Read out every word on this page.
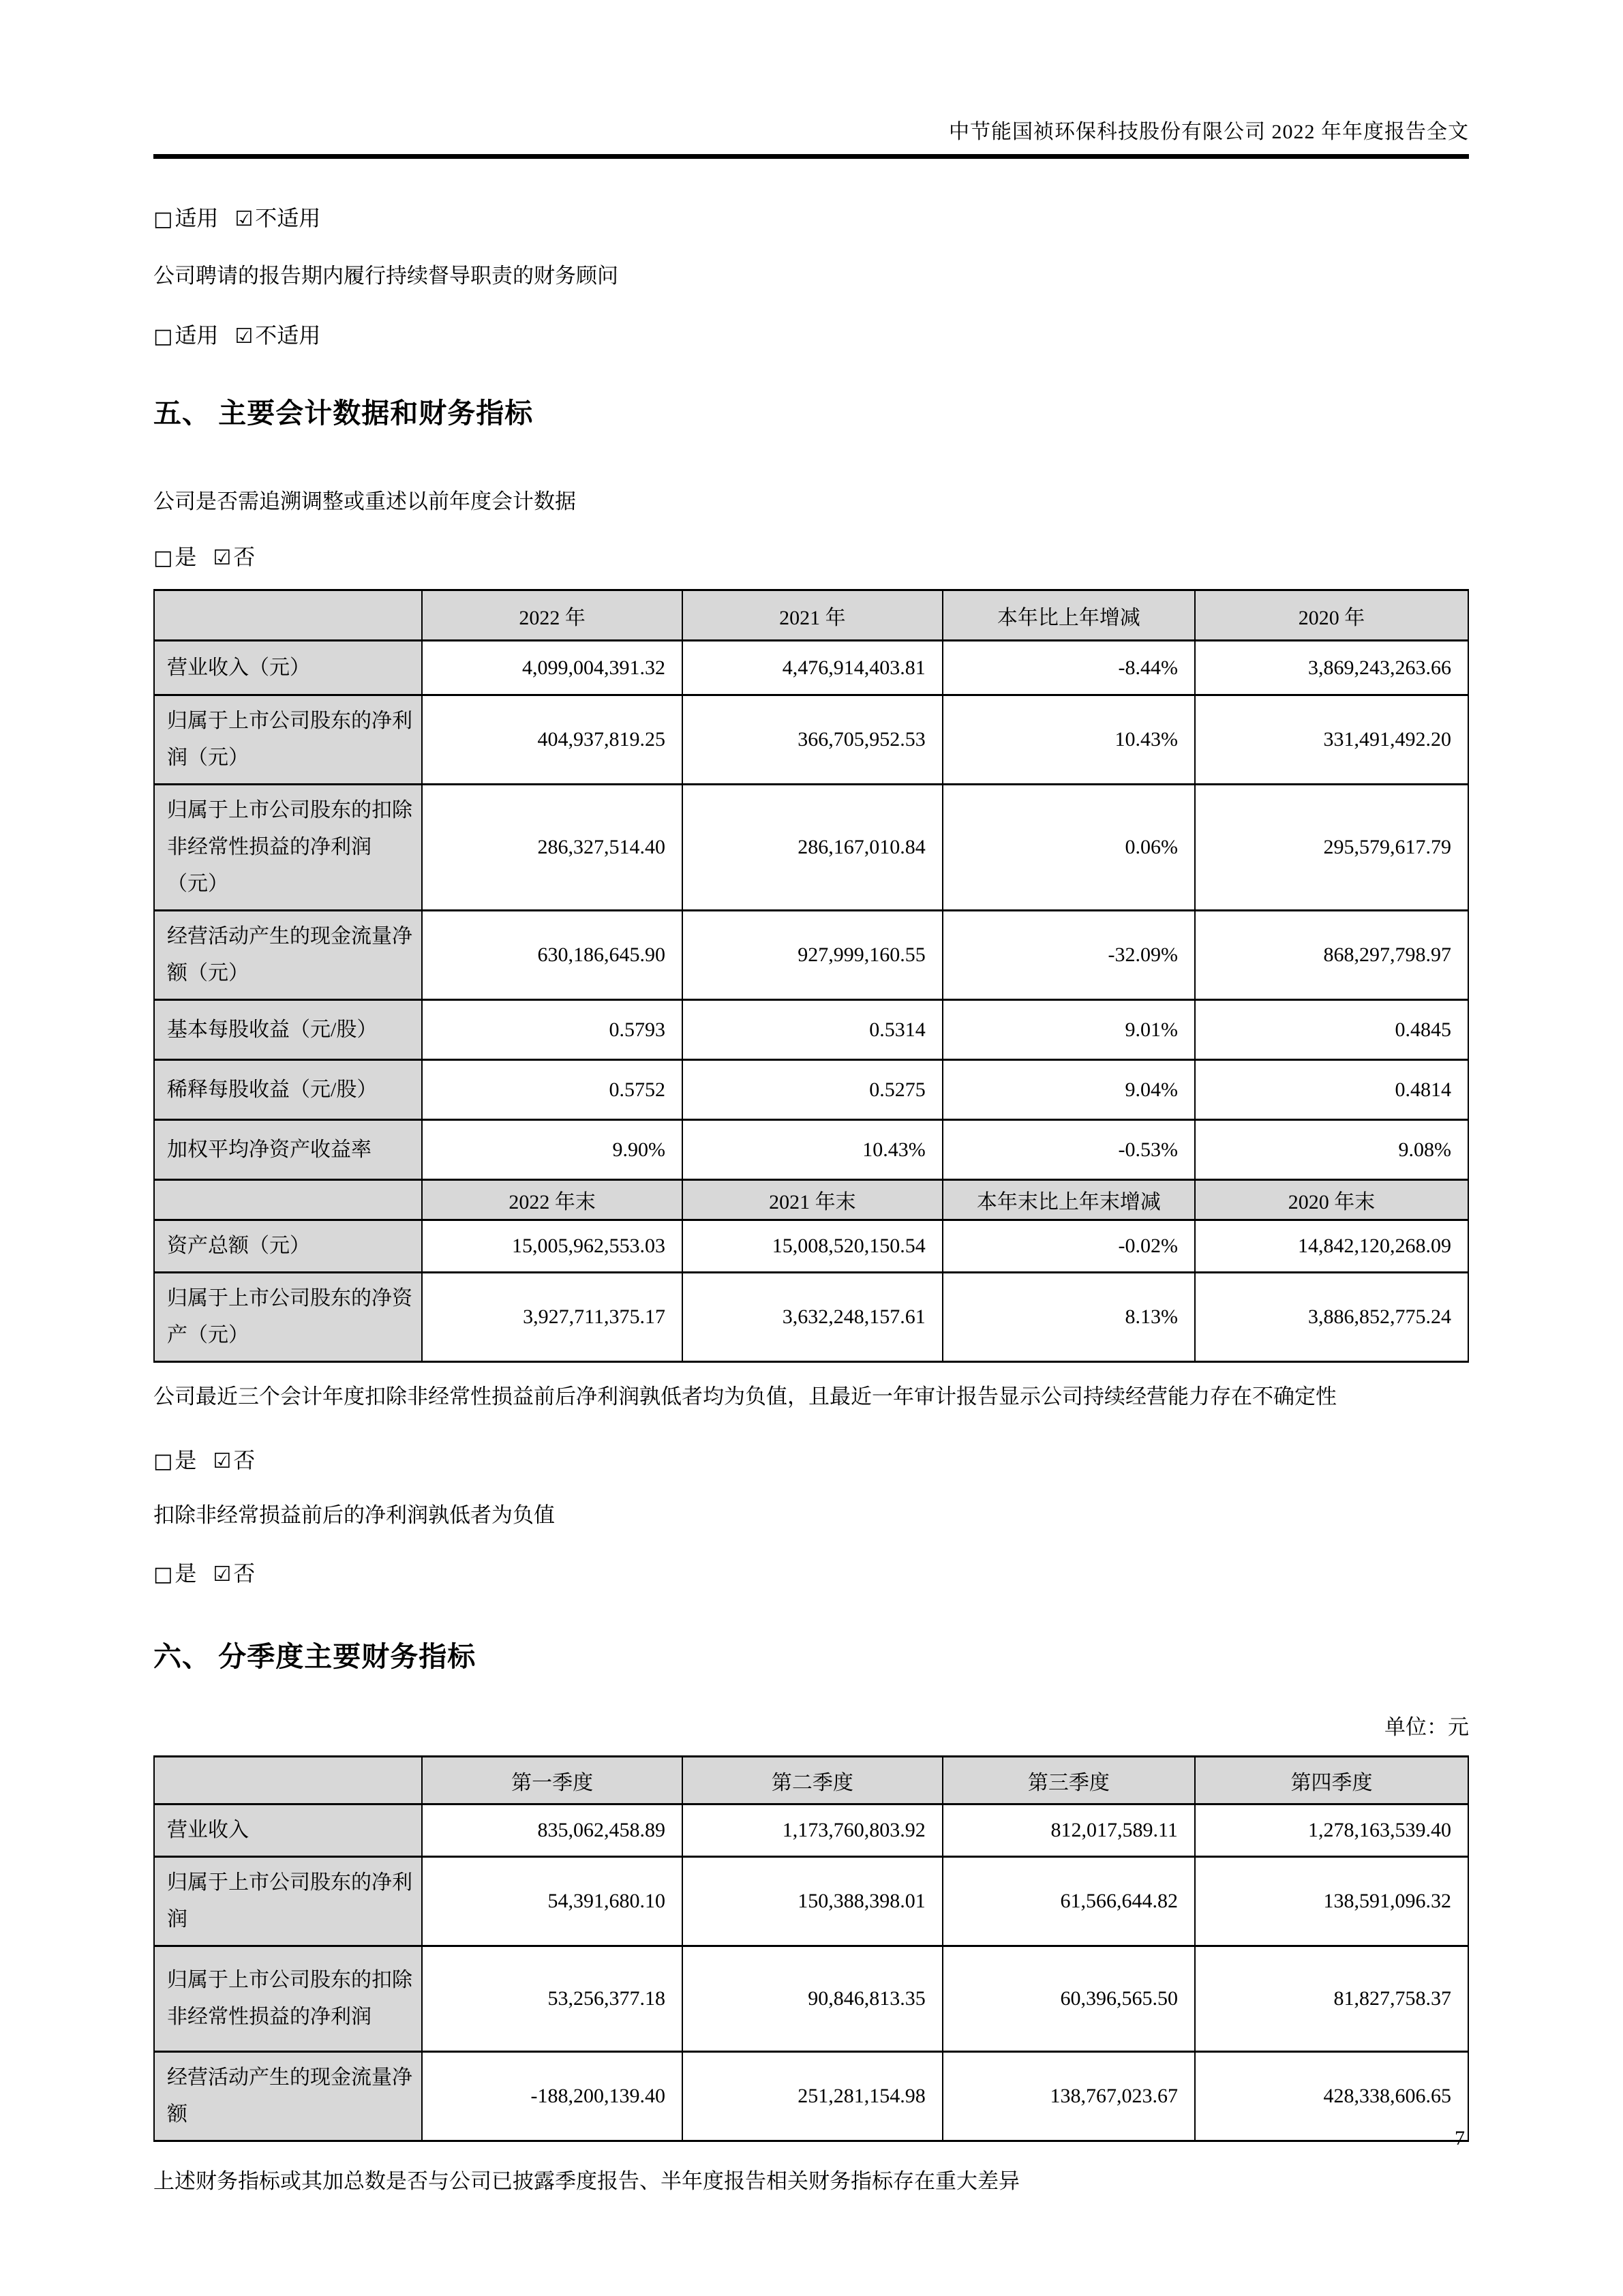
中节能国祯环保科技股份有限公司 2022 年年度报告全文

□适用 ☑不适用

公司聘请的报告期内履行持续督导职责的财务顾问

□适用 ☑不适用

五、 主要会计数据和财务指标

公司是否需追溯调整或重述以前年度会计数据

□是 ☑否

	2022 年	2021 年	本年比上年增减	2020 年
营业收入（元）	4,099,004,391.32	4,476,914,403.81	-8.44%	3,869,243,263.66
归属于上市公司股东的净利润（元）	404,937,819.25	366,705,952.53	10.43%	331,491,492.20
归属于上市公司股东的扣除非经常性损益的净利润（元）	286,327,514.40	286,167,010.84	0.06%	295,579,617.79
经营活动产生的现金流量净额（元）	630,186,645.90	927,999,160.55	-32.09%	868,297,798.97
基本每股收益（元/股）	0.5793	0.5314	9.01%	0.4845
稀释每股收益（元/股）	0.5752	0.5275	9.04%	0.4814
加权平均净资产收益率	9.90%	10.43%	-0.53%	9.08%
	2022 年末	2021 年末	本年末比上年末增减	2020 年末
资产总额（元）	15,005,962,553.03	15,008,520,150.54	-0.02%	14,842,120,268.09
归属于上市公司股东的净资产（元）	3,927,711,375.17	3,632,248,157.61	8.13%	3,886,852,775.24

公司最近三个会计年度扣除非经常性损益前后净利润孰低者均为负值，且最近一年审计报告显示公司持续经营能力存在不确定性

□是 ☑否

扣除非经常损益前后的净利润孰低者为负值

□是 ☑否

六、 分季度主要财务指标

单位：元

	第一季度	第二季度	第三季度	第四季度
营业收入	835,062,458.89	1,173,760,803.92	812,017,589.11	1,278,163,539.40
归属于上市公司股东的净利润	54,391,680.10	150,388,398.01	61,566,644.82	138,591,096.32
归属于上市公司股东的扣除非经常性损益的净利润	53,256,377.18	90,846,813.35	60,396,565.50	81,827,758.37
经营活动产生的现金流量净额	-188,200,139.40	251,281,154.98	138,767,023.67	428,338,606.65

上述财务指标或其加总数是否与公司已披露季度报告、半年度报告相关财务指标存在重大差异

7
